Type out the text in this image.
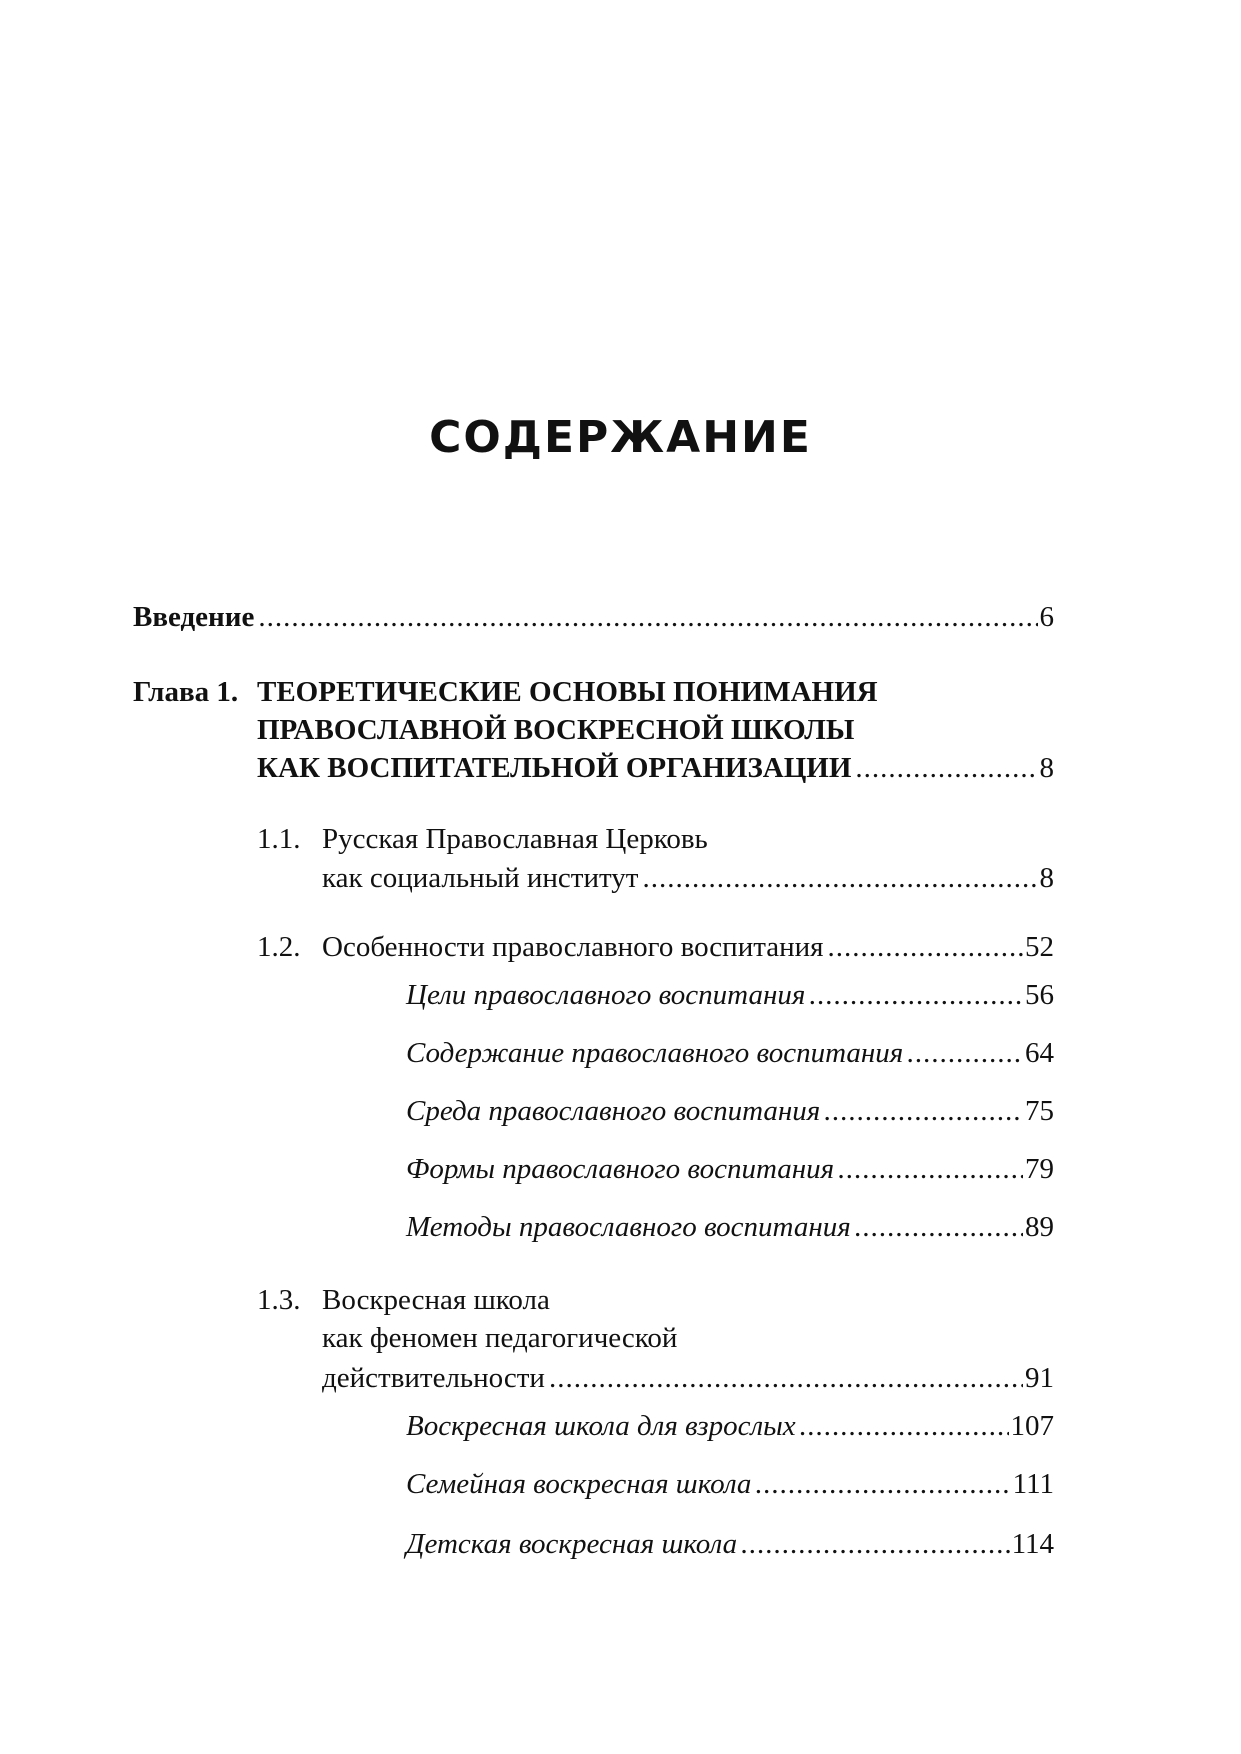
СОДЕРЖАНИЕ
Введение .....	6
Глава 1. ТЕОРЕТИЧЕСКИЕ ОСНОВЫ ПОНИМАНИЯ
ПРАВОСЛАВНОЙ ВОСКРЕСНОЙ ШКОЛЫ
КАК ВОСПИТАТЕЛЬНОЙ ОРГАНИЗАЦИИ .....	8
1.1. Русская Православная Церковь
как социальный институт .....	8
1.2. Особенности православного воспитания .....	52
Цели православного воспитания .....	56
Содержание православного воспитания .....	64
Среда православного воспитания .....	75
Формы православного воспитания .....	79
Методы православного воспитания .....	89
1.3. Воскресная школа
как феномен педагогической
действительности .....	91
Воскресная школа для взрослых .....	107
Семейная воскресная школа .....	111
Детская воскресная школа .....	114
